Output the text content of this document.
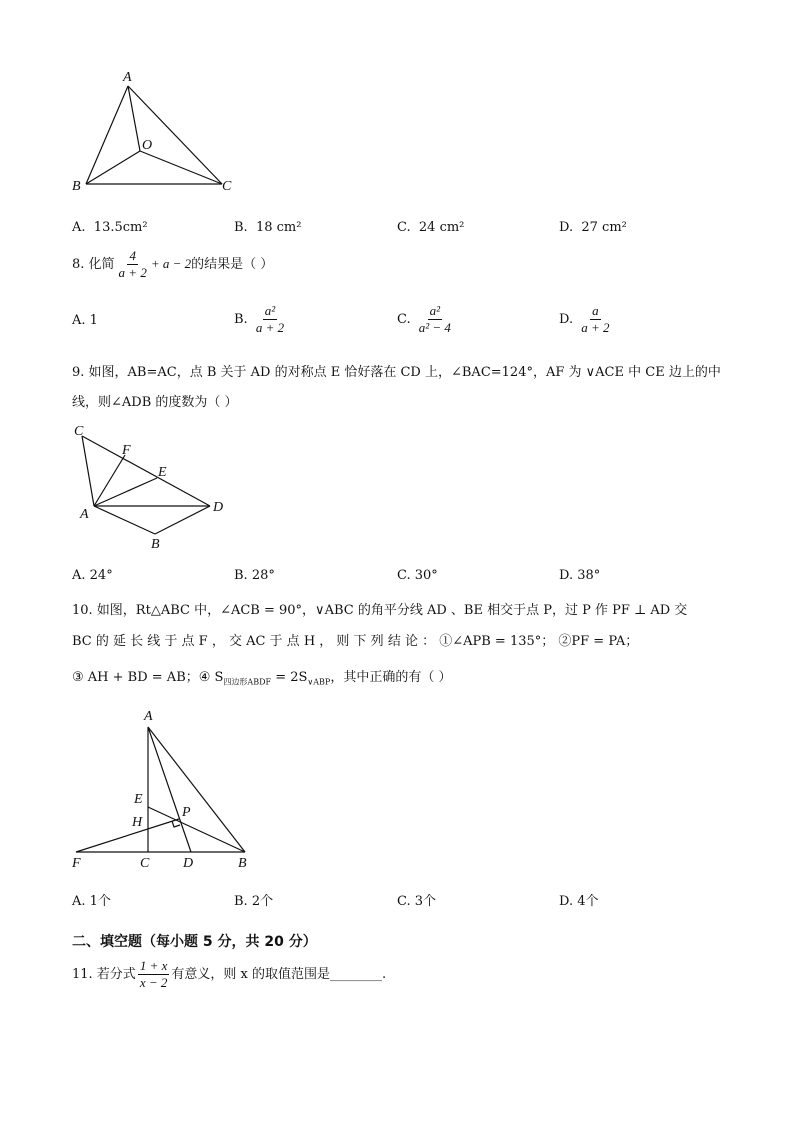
A
O
B	C
A. 13.5cm²	B. 18 cm²	C. 24 cm²	D. 27 cm²
8. 化简 $\frac{4}{a + 2} + a - 2$的结果是（ ）
A. 1	B. $\frac{\text{a²}}{a + 2}$	C. $\frac{\text{a²}}{\text{a² − 4}}$	D. $\frac{a}{a + 2}$
9. 如图，AB=AC，点 B 关于 AD 的对称点 E 恰好落在 CD 上，∠BAC=124°，AF 为 ∨ACE 中 CE 边上的中
线，则∠ADB 的度数为（ ）
C
F
E
A	D
B
A. 24°	B. 28°	C. 30°	D. 38°
10. 如图，Rt△ABC 中，∠ACB = 90°，∨ABC 的角平分线 AD 、BE 相交于点 P，过 P 作 PF ⊥ AD 交
BC 的 延 长 线 于 点 F ， 交 AC 于 点 H ， 则 下 列 结 论 ： ①∠APB = 135°； ②PF = PA；
③ AH + BD = AB；④ $S_{四边形ABDF} = 2S_{\vee ABP}$，其中正确的有（ ）
A
E
H
P
F	C D	B
A. 1个	B. 2个	C. 3个	D. 4个
二、填空题（每小题 5 分，共 20 分）
11. 若分式 $\frac{1 + x}{x - 2}$ 有意义，则 x 的取值范围是________.
